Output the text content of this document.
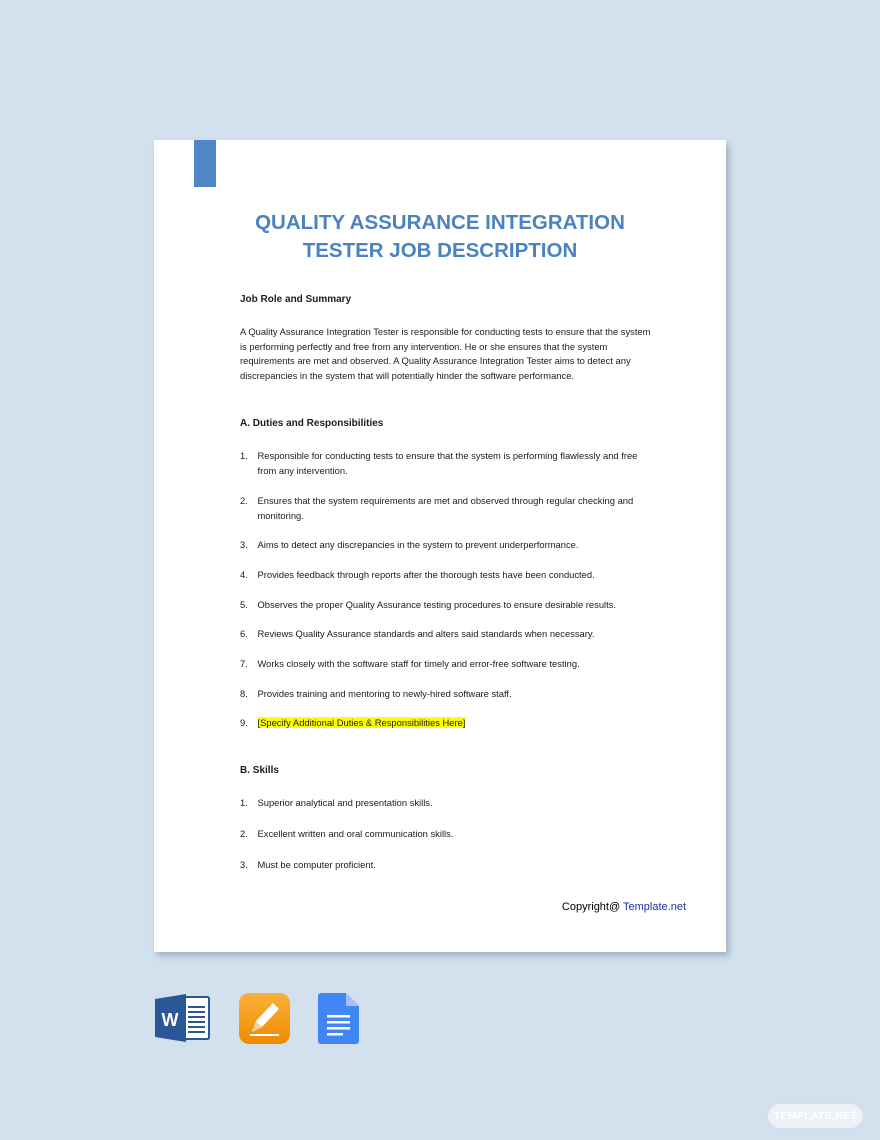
QUALITY ASSURANCE INTEGRATION
TESTER JOB DESCRIPTION
Job Role and Summary
A Quality Assurance Integration Tester is responsible for conducting tests to ensure that the system
is performing perfectly and free from any intervention. He or she ensures that the system
requirements are met and observed. A Quality Assurance Integration Tester aims to detect any
discrepancies in the system that will potentially hinder the software performance.
A. Duties and Responsibilities
1. Responsible for conducting tests to ensure that the system is performing flawlessly and free
from any intervention.
2. Ensures that the system requirements are met and observed through regular checking and
monitoring.
3. Aims to detect any discrepancies in the system to prevent underperformance.
4. Provides feedback through reports after the thorough tests have been conducted.
5. Observes the proper Quality Assurance testing procedures to ensure desirable results.
6. Reviews Quality Assurance standards and alters said standards when necessary.
7. Works closely with the software staff for timely and error-free software testing.
8. Provides training and mentoring to newly-hired software staff.
9. [Specify Additional Duties & Responsibilities Here]
B. Skills
1. Superior analytical and presentation skills.
2. Excellent written and oral communication skills.
3. Must be computer proficient.
Copyright@ Template.net
W
TEMPLATE.NET
